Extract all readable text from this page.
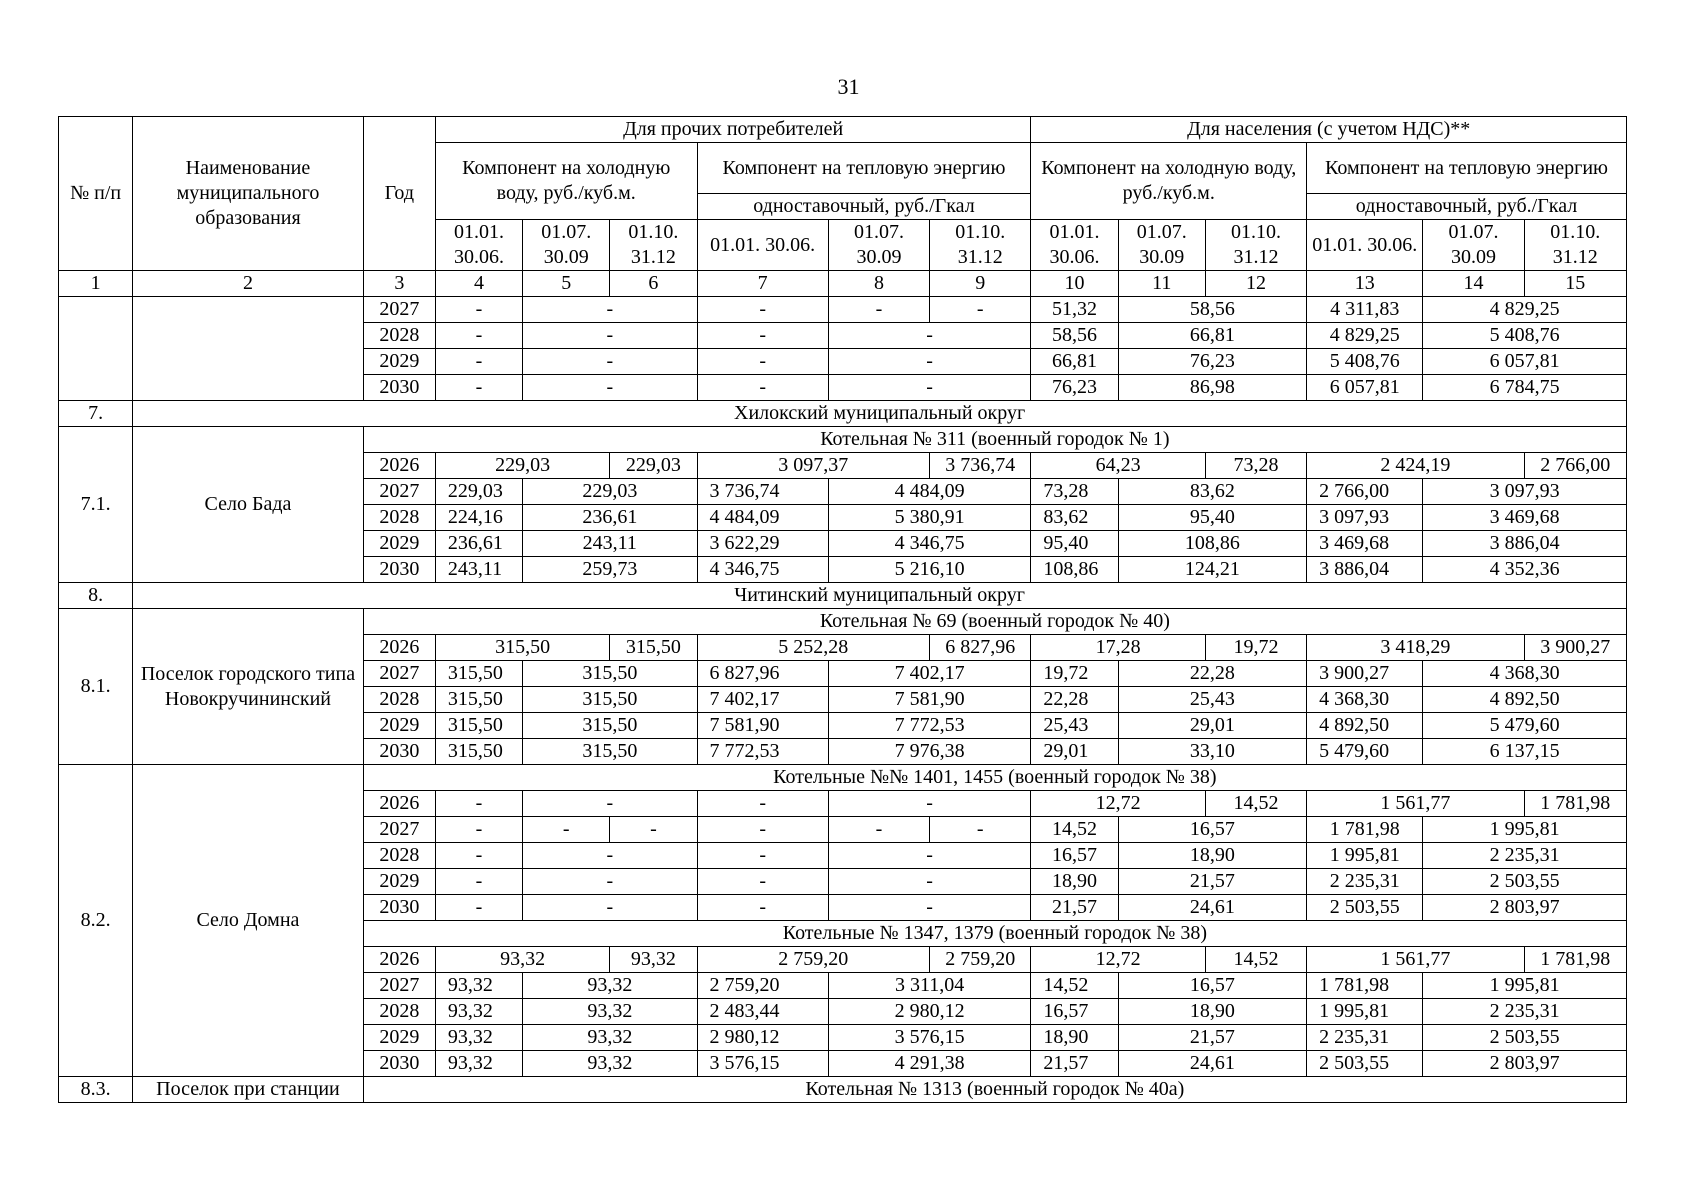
31
№ п/п	Наименование муниципального образования	Год	Для прочих потребителей						Для населения (с учетом НДС)**					
			Компонент на холодную воду, руб./куб.м.			Компонент на тепловую энергию			Компонент на холодную воду, руб./куб.м.			Компонент на тепловую энергию		
						одноставочный, руб./Гкал						одноставочный, руб./Гкал		
			01.01. 30.06.	01.07. 30.09	01.10. 31.12	01.01. 30.06.	01.07. 30.09	01.10. 31.12	01.01. 30.06.	01.07. 30.09	01.10. 31.12	01.01. 30.06.	01.07. 30.09	01.10. 31.12

1	2	3	4	5	6	7	8	9	10	11	12	13	14	15
		2027	-	-		-	-	-	51,32	58,56		4 311,83	4 829,25	
		2028	-	-		-	-		58,56	66,81		4 829,25	5 408,76	
		2029	-	-		-	-		66,81	76,23		5 408,76	6 057,81	
		2030	-	-		-	-		76,23	86,98		6 057,81	6 784,75	
7.	Хилокский муниципальный округ													
7.1.	Село Бада	Котельная № 311 (военный городок № 1)												
		2026	229,03		229,03	3 097,37		3 736,74	64,23		73,28	2 424,19		2 766,00
		2027	229,03	229,03		3 736,74	4 484,09		73,28	83,62		2 766,00	3 097,93	
		2028	224,16	236,61		4 484,09	5 380,91		83,62	95,40		3 097,93	3 469,68	
		2029	236,61	243,11		3 622,29	4 346,75		95,40	108,86		3 469,68	3 886,04	
		2030	243,11	259,73		4 346,75	5 216,10		108,86	124,21		3 886,04	4 352,36	
8.	Читинский муниципальный округ													
8.1.	Поселок городского типа Новокручининский	Котельная № 69 (военный городок № 40)												
		2026	315,50		315,50	5 252,28		6 827,96	17,28		19,72	3 418,29		3 900,27
		2027	315,50	315,50		6 827,96	7 402,17		19,72	22,28		3 900,27	4 368,30	
		2028	315,50	315,50		7 402,17	7 581,90		22,28	25,43		4 368,30	4 892,50	
		2029	315,50	315,50		7 581,90	7 772,53		25,43	29,01		4 892,50	5 479,60	
		2030	315,50	315,50		7 772,53	7 976,38		29,01	33,10		5 479,60	6 137,15	
8.2.	Село Домна	Котельные №№ 1401, 1455 (военный городок № 38)												
		2026	-	-		-	-		12,72		14,52	1 561,77		1 781,98
		2027	-	-	-	-	-	-	14,52	16,57		1 781,98	1 995,81	
		2028	-	-		-	-		16,57	18,90		1 995,81	2 235,31	
		2029	-	-		-	-		18,90	21,57		2 235,31	2 503,55	
		2030	-	-		-	-		21,57	24,61		2 503,55	2 803,97	
		Котельные № 1347, 1379 (военный городок № 38)												
		2026	93,32		93,32	2 759,20		2 759,20	12,72		14,52	1 561,77		1 781,98
		2027	93,32	93,32		2 759,20	3 311,04		14,52	16,57		1 781,98	1 995,81	
		2028	93,32	93,32		2 483,44	2 980,12		16,57	18,90		1 995,81	2 235,31	
		2029	93,32	93,32		2 980,12	3 576,15		18,90	21,57		2 235,31	2 503,55	
		2030	93,32	93,32		3 576,15	4 291,38		21,57	24,61		2 503,55	2 803,97	
8.3.	Поселок при станции	Котельная № 1313 (военный городок № 40а)												
